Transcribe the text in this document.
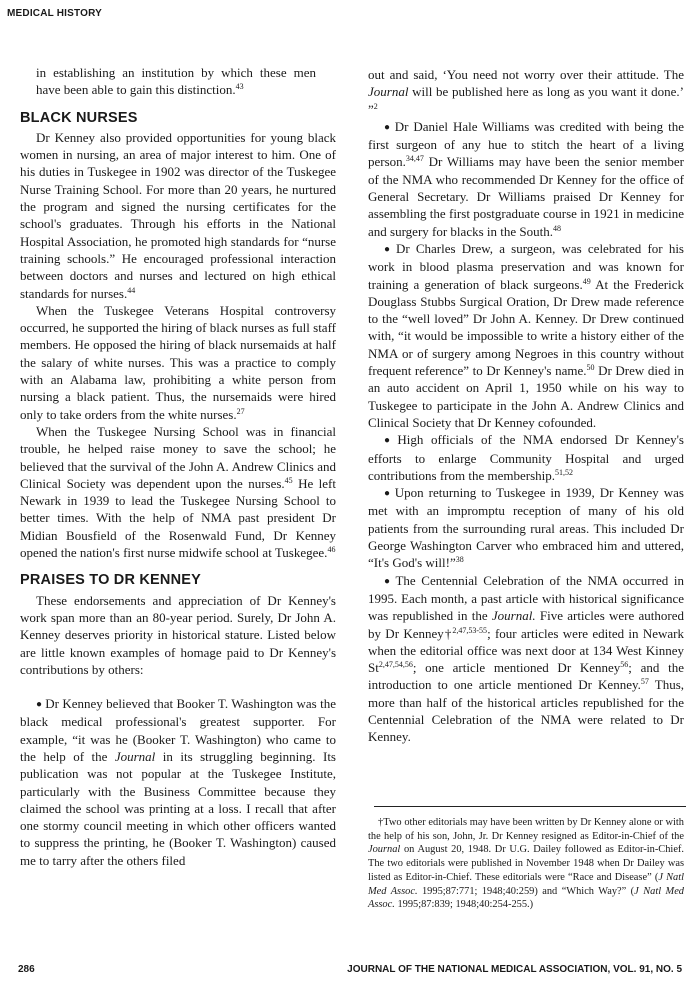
MEDICAL HISTORY

in establishing an institution by which these men have been able to gain this distinction.$^{43}$

BLACK NURSES

Dr Kenney also provided opportunities for young black women in nursing, an area of major interest to him. One of his duties in Tuskegee in 1902 was director of the Tuskegee Nurse Training School. For more than 20 years, he nurtured the program and signed the nursing certificates for the school's graduates. Through his efforts in the National Hospital Association, he promoted high standards for “nurse training schools.” He encouraged professional interaction between doctors and nurses and lectured on high ethical standards for nurses.$^{44}$

When the Tuskegee Veterans Hospital controversy occurred, he supported the hiring of black nurses as full staff members. He opposed the hiring of black nursemaids at half the salary of white nurses. This was a practice to comply with an Alabama law, prohibiting a white person from nursing a black patient. Thus, the nursemaids were hired only to take orders from the white nurses.$^{27}$

When the Tuskegee Nursing School was in financial trouble, he helped raise money to save the school; he believed that the survival of the John A. Andrew Clinics and Clinical Society was dependent upon the nurses.$^{45}$ He left Newark in 1939 to lead the Tuskegee Nursing School to better times. With the help of NMA past president Dr Midian Bousfield of the Rosenwald Fund, Dr Kenney opened the nation's first nurse midwife school at Tuskegee.$^{46}$

PRAISES TO DR KENNEY

These endorsements and appreciation of Dr Kenney's work span more than an 80-year period. Surely, Dr John A. Kenney deserves priority in historical stature. Listed below are little known examples of homage paid to Dr Kenney's contributions by others:

● Dr Kenney believed that Booker T. Washington was the black medical professional's greatest supporter. For example, “it was he (Booker T. Washington) who came to the help of the Journal in its struggling beginning. Its publication was not popular at the Tuskegee Institute, particularly with the Business Committee because they claimed the school was printing at a loss. I recall that after one stormy council meeting in which other officers wanted to suppress the printing, he (Booker T. Washington) caused me to tarry after the others filed

out and said, ‘You need not worry over their attitude. The Journal will be published here as long as you want it done.’ ”$^2$

● Dr Daniel Hale Williams was credited with being the first surgeon of any hue to stitch the heart of a living person.$^{34,47}$ Dr Williams may have been the senior member of the NMA who recommended Dr Kenney for the office of General Secretary. Dr Williams praised Dr Kenney for assembling the first postgraduate course in 1921 in medicine and surgery for blacks in the South.$^{48}$

● Dr Charles Drew, a surgeon, was celebrated for his work in blood plasma preservation and was known for training a generation of black surgeons.$^{49}$ At the Frederick Douglass Stubbs Surgical Oration, Dr Drew made reference to the “well loved” Dr John A. Kenney. Dr Drew continued with, “it would be impossible to write a history either of the NMA or of surgery among Negroes in this country without frequent reference” to Dr Kenney's name.$^{50}$ Dr Drew died in an auto accident on April 1, 1950 while on his way to Tuskegee to participate in the John A. Andrew Clinics and Clinical Society that Dr Kenney cofounded.

● High officials of the NMA endorsed Dr Kenney's efforts to enlarge Community Hospital and urged contributions from the membership.$^{51,52}$

● Upon returning to Tuskegee in 1939, Dr Kenney was met with an impromptu reception of many of his old patients from the surrounding rural areas. This included Dr George Washington Carver who embraced him and uttered, “It's God's will!”$^{38}$

● The Centennial Celebration of the NMA occurred in 1995. Each month, a past article with historical significance was republished in the Journal. Five articles were authored by Dr Kenney†$^{2,47,53-55}$; four articles were edited in Newark when the editorial office was next door at 134 West Kinney St$^{2,47,54,56}$; one article mentioned Dr Kenney$^{56}$; and the introduction to one article mentioned Dr Kenney.$^{57}$ Thus, more than half of the historical articles republished for the Centennial Celebration of the NMA were related to Dr Kenney.

†Two other editorials may have been written by Dr Kenney alone or with the help of his son, John, Jr. Dr Kenney resigned as Editor-in-Chief of the Journal on August 20, 1948. Dr U.G. Dailey followed as Editor-in-Chief. The two editorials were published in November 1948 when Dr Dailey was listed as Editor-in-Chief. These editorials were “Race and Disease” (J Natl Med Assoc. 1995;87:771; 1948;40:259) and “Which Way?” (J Natl Med Assoc. 1995;87:839; 1948;40:254-255.)

286	JOURNAL OF THE NATIONAL MEDICAL ASSOCIATION, VOL. 91, NO. 5
